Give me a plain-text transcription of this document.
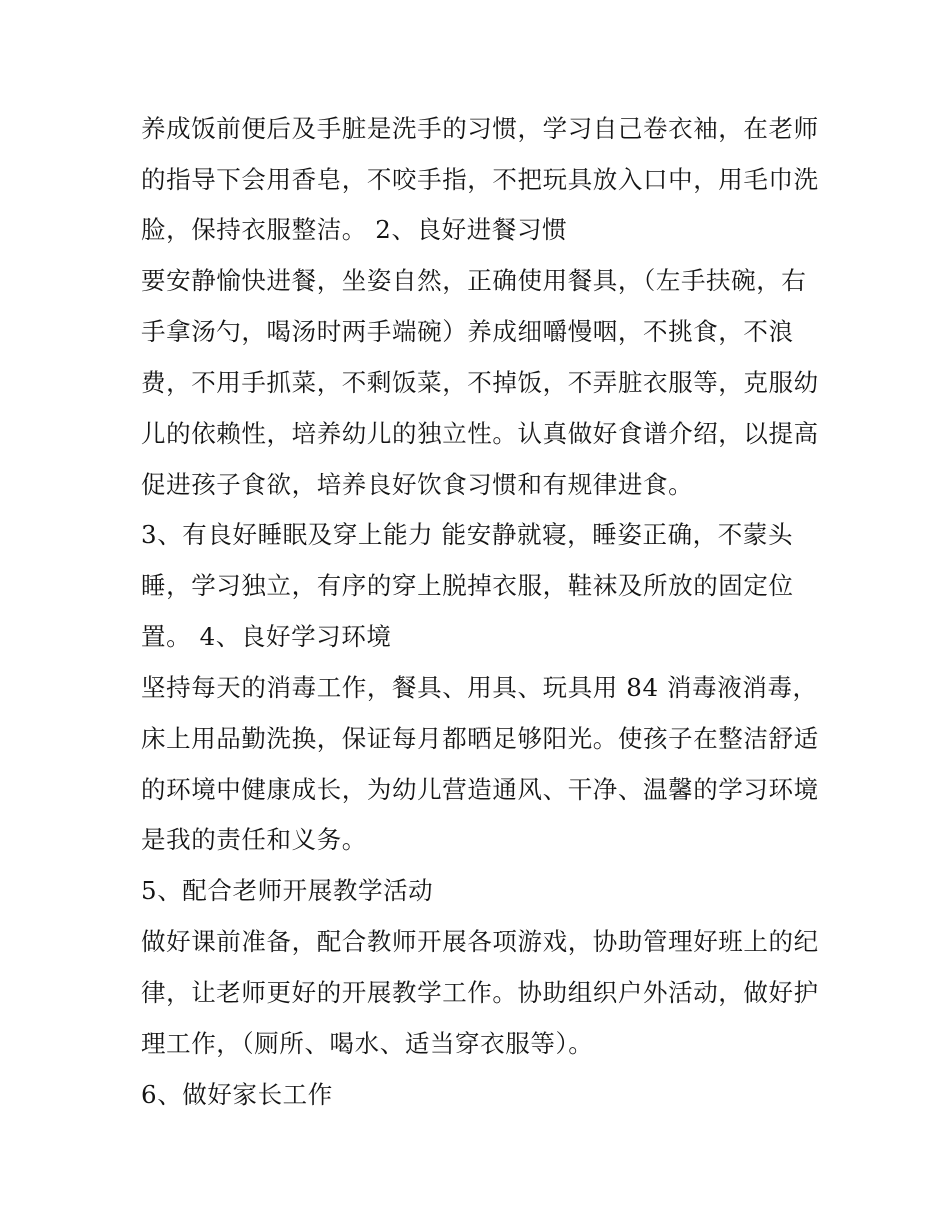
养成饭前便后及手脏是洗手的习惯，学习自己卷衣袖，在老师
的指导下会用香皂，不咬手指，不把玩具放入口中，用毛巾洗
脸，保持衣服整洁。 2、良好进餐习惯
要安静愉快进餐，坐姿自然，正确使用餐具，（左手扶碗，右
手拿汤勺，喝汤时两手端碗）养成细嚼慢咽，不挑食，不浪
费，不用手抓菜，不剩饭菜，不掉饭，不弄脏衣服等，克服幼
儿的依赖性，培养幼儿的独立性。认真做好食谱介绍，以提高
促进孩子食欲，培养良好饮食习惯和有规律进食。
3、有良好睡眠及穿上能力 能安静就寝，睡姿正确，不蒙头
睡，学习独立，有序的穿上脱掉衣服，鞋袜及所放的固定位
置。 4、良好学习环境
坚持每天的消毒工作，餐具、用具、玩具用 84 消毒液消毒，
床上用品勤洗换，保证每月都晒足够阳光。使孩子在整洁舒适
的环境中健康成长，为幼儿营造通风、干净、温馨的学习环境
是我的责任和义务。
5、配合老师开展教学活动
做好课前准备，配合教师开展各项游戏，协助管理好班上的纪
律，让老师更好的开展教学工作。协助组织户外活动，做好护
理工作，（厕所、喝水、适当穿衣服等）。
6、做好家长工作
